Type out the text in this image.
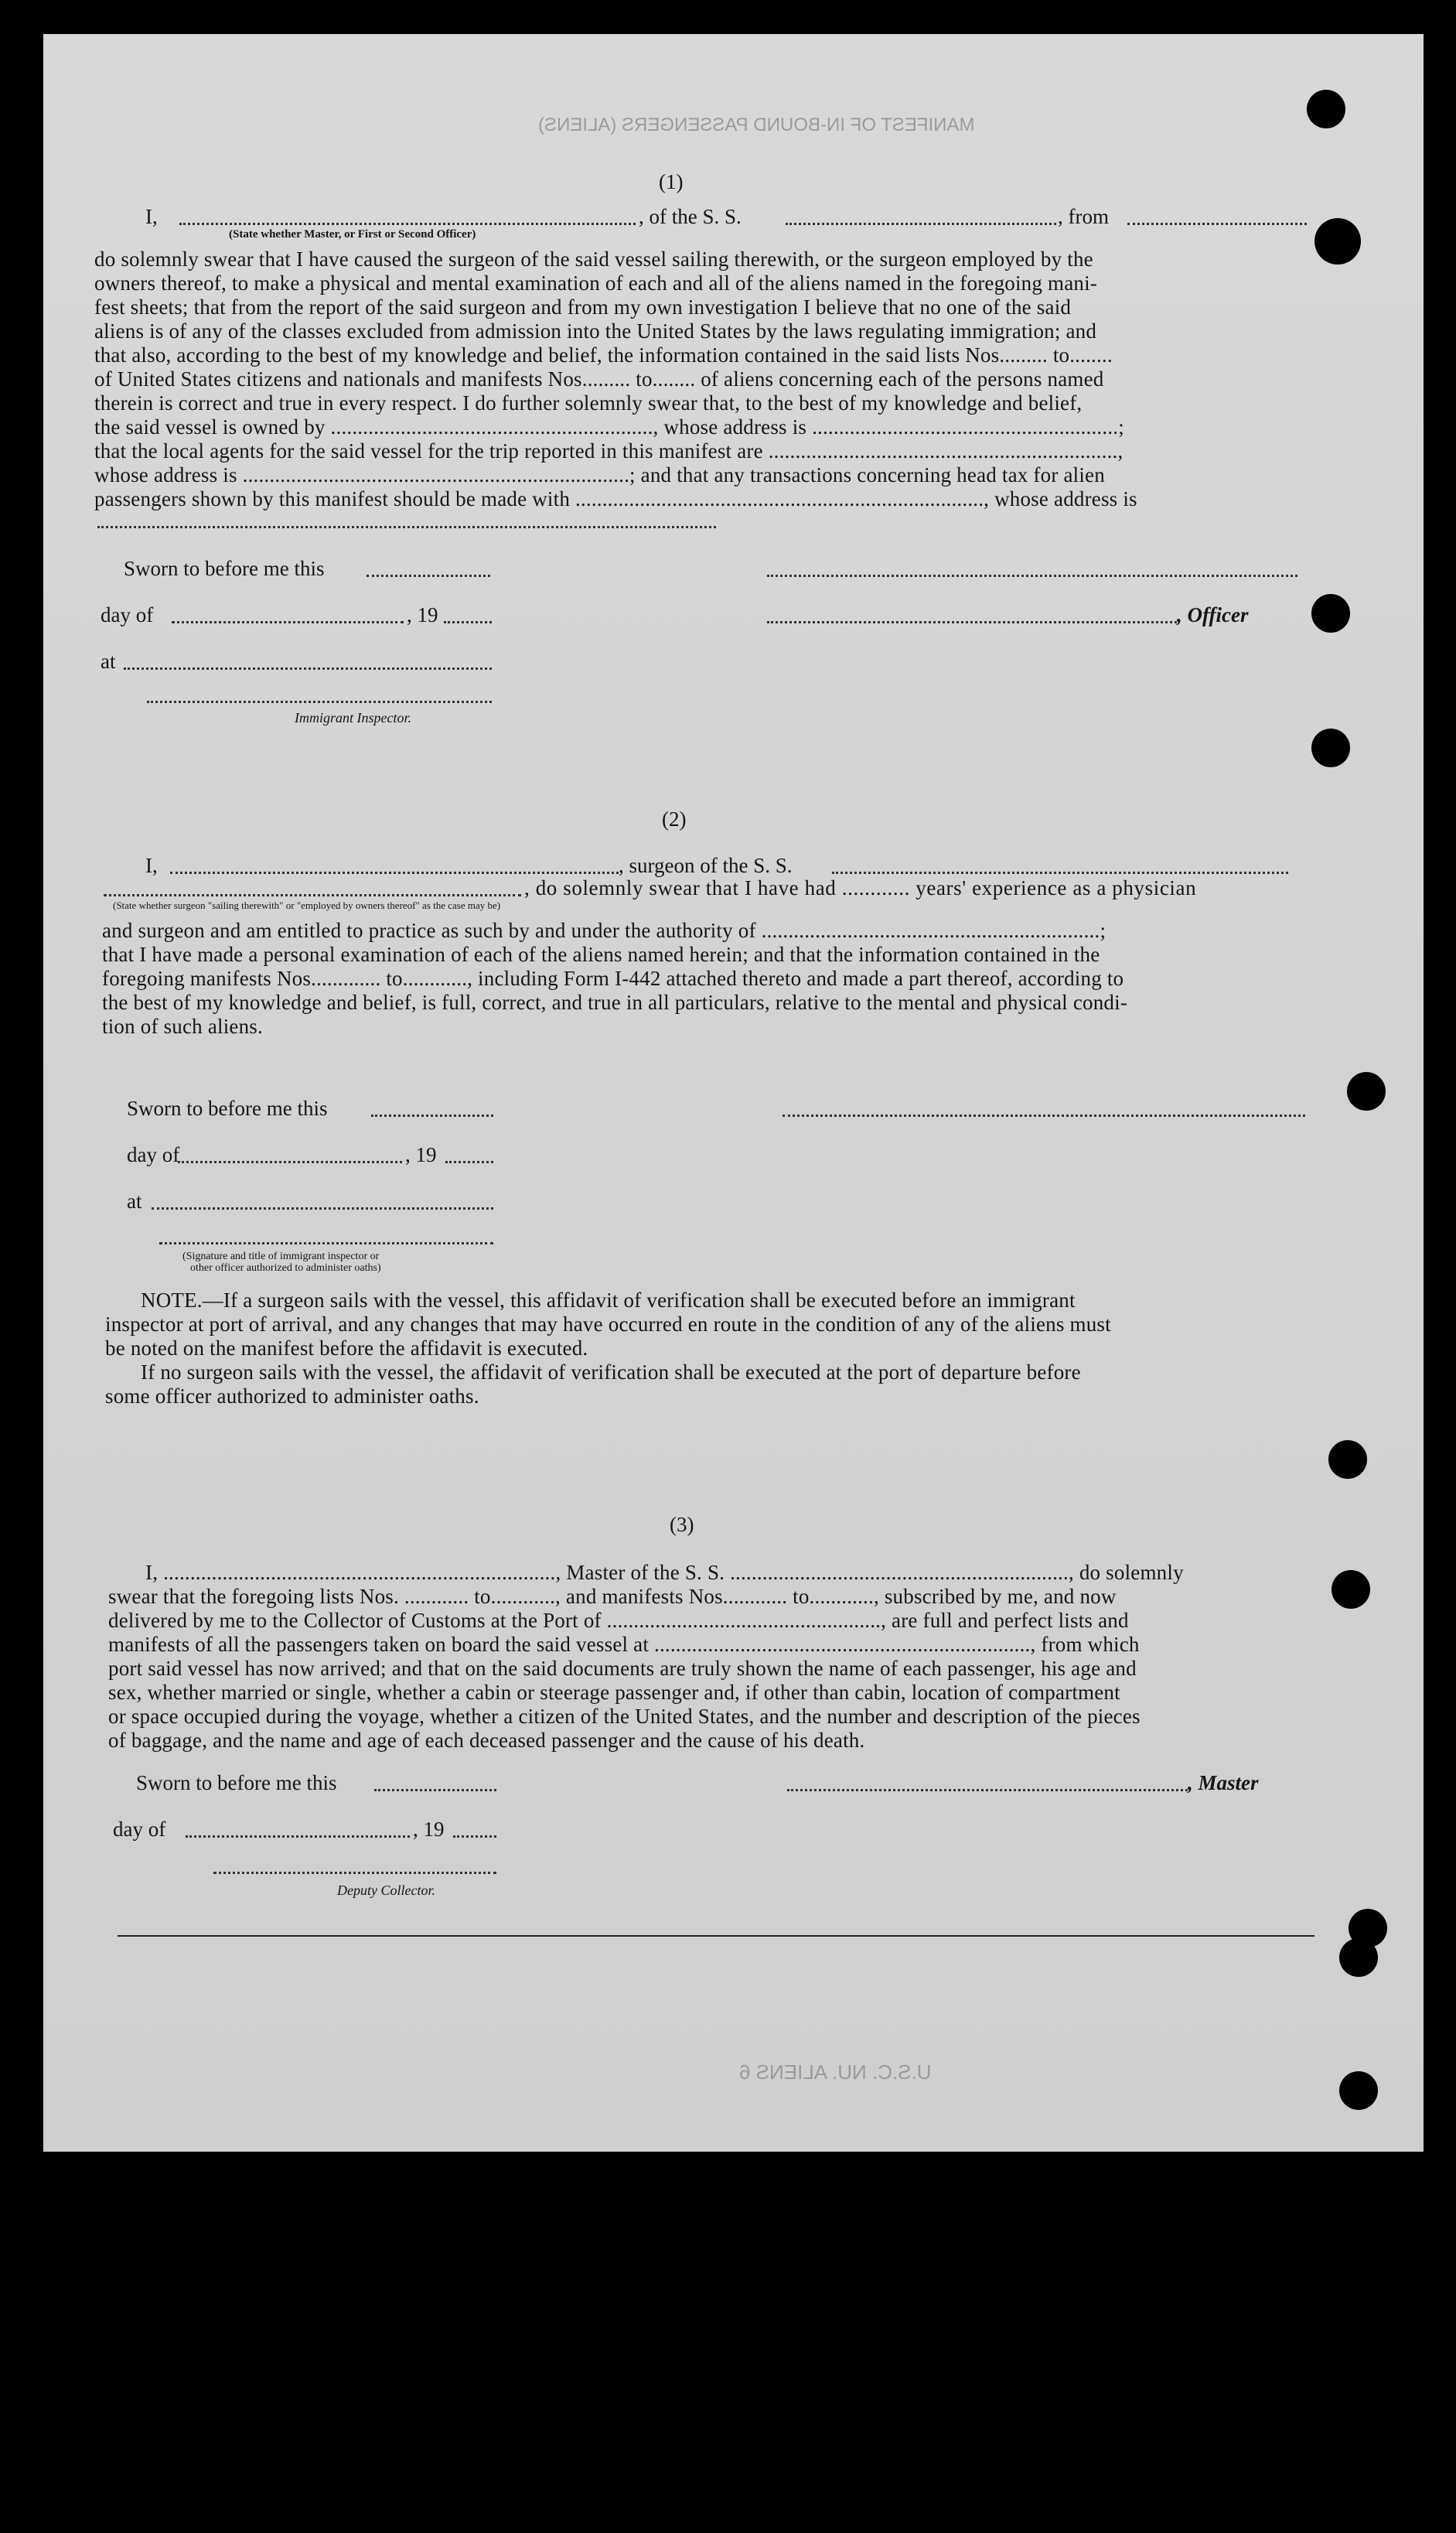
MANIFEST OF IN-BOUND PASSENGERS (ALIENS)
U.S.C. NU. ALIENS 6
(1)
I,	, of the S. S.	, from
(State whether Master, or First or Second Officer)
do solemnly swear that I have caused the surgeon of the said vessel sailing therewith, or the surgeon employed by the
owners thereof, to make a physical and mental examination of each and all of the aliens named in the foregoing mani-
fest sheets; that from the report of the said surgeon and from my own investigation I believe that no one of the said
aliens is of any of the classes excluded from admission into the United States by the laws regulating immigration; and
that also, according to the best of my knowledge and belief, the information contained in the said lists Nos......... to........
of United States citizens and nationals and manifests Nos......... to........ of aliens concerning each of the persons named
therein is correct and true in every respect. I do further solemnly swear that, to the best of my knowledge and belief,
the said vessel is owned by ............................................................, whose address is .........................................................;
that the local agents for the said vessel for the trip reported in this manifest are .................................................................,
whose address is ........................................................................; and that any transactions concerning head tax for alien
passengers shown by this manifest should be made with ............................................................................, whose address is
Sworn to before me this
day of	, 19	, Officer
at
Immigrant Inspector.
(2)
I,	, surgeon of the S. S.
, do solemnly swear that I have had ............ years' experience as a physician
(State whether surgeon "sailing therewith" or "employed by owners thereof" as the case may be)
and surgeon and am entitled to practice as such by and under the authority of ...............................................................;
that I have made a personal examination of each of the aliens named herein; and that the information contained in the
foregoing manifests Nos............. to............, including Form I-442 attached thereto and made a part thereof, according to
the best of my knowledge and belief, is full, correct, and true in all particulars, relative to the mental and physical condi-
tion of such aliens.
Sworn to before me this
day of	, 19
at
(Signature and title of immigrant inspector or
other officer authorized to administer oaths)
NOTE.—If a surgeon sails with the vessel, this affidavit of verification shall be executed before an immigrant
inspector at port of arrival, and any changes that may have occurred en route in the condition of any of the aliens must
be noted on the manifest before the affidavit is executed.
If no surgeon sails with the vessel, the affidavit of verification shall be executed at the port of departure before
some officer authorized to administer oaths.
(3)
I, ........................................................................., Master of the S. S. ..............................................................., do solemnly
swear that the foregoing lists Nos. ............ to............, and manifests Nos............ to............, subscribed by me, and now
delivered by me to the Collector of Customs at the Port of ..................................................., are full and perfect lists and
manifests of all the passengers taken on board the said vessel at ......................................................................, from which
port said vessel has now arrived; and that on the said documents are truly shown the name of each passenger, his age and
sex, whether married or single, whether a cabin or steerage passenger and, if other than cabin, location of compartment
or space occupied during the voyage, whether a citizen of the United States, and the number and description of the pieces
of baggage, and the name and age of each deceased passenger and the cause of his death.
Sworn to before me this	, Master
day of	, 19
Deputy Collector.
